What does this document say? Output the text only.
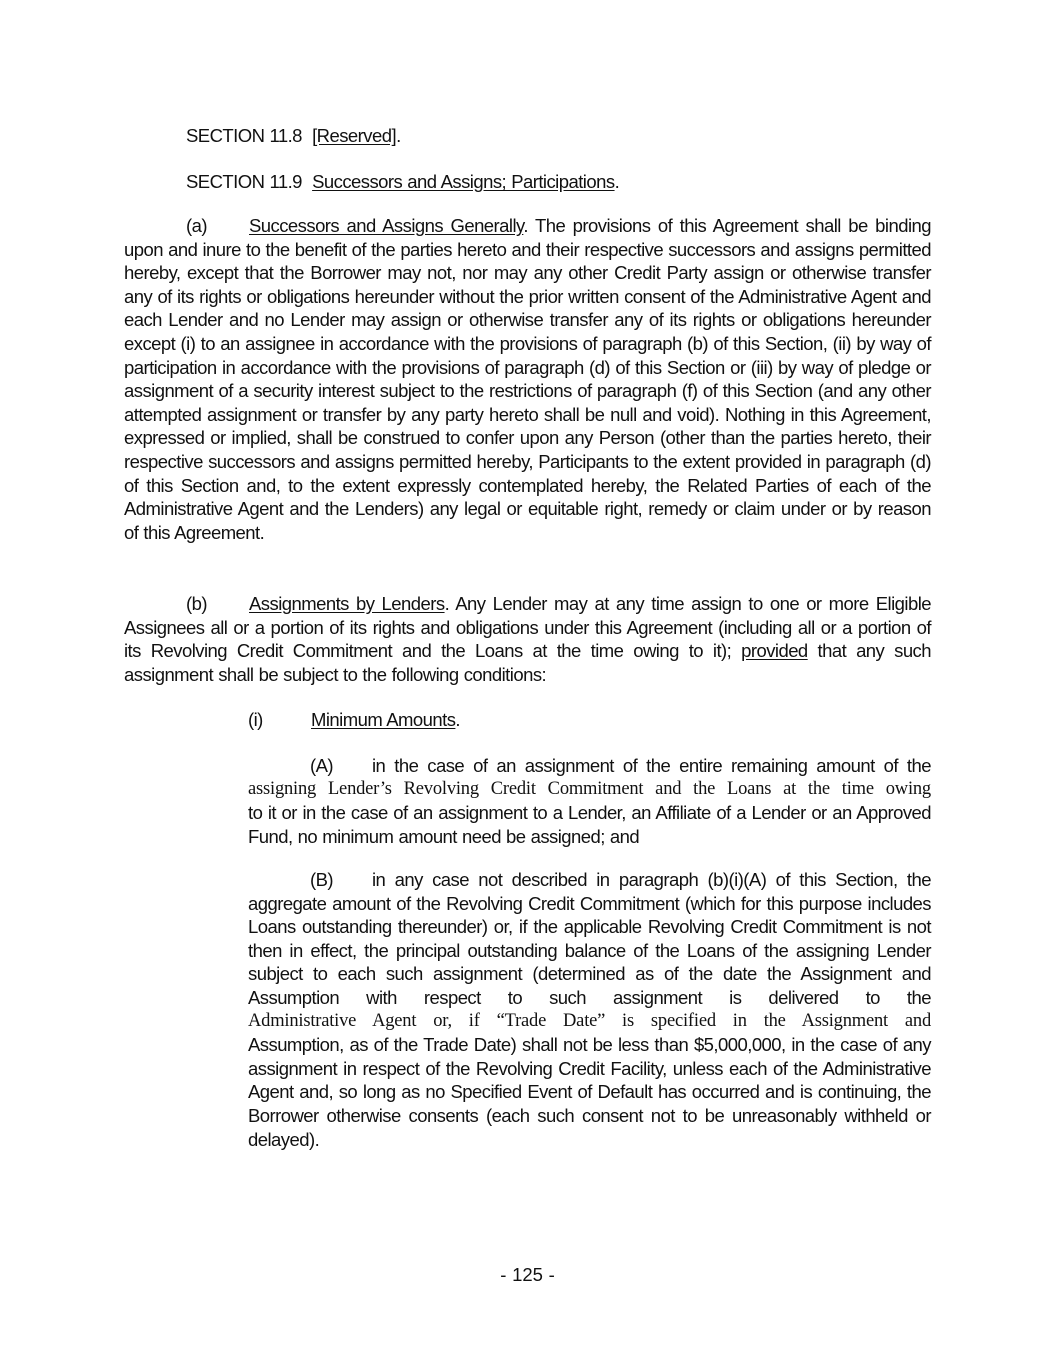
SECTION 11.8 [Reserved].

SECTION 11.9 Successors and Assigns; Participations.

(a) Successors and Assigns Generally. The provisions of this Agreement shall be binding upon and inure to the benefit of the parties hereto and their respective successors and assigns permitted hereby, except that the Borrower may not, nor may any other Credit Party assign or otherwise transfer any of its rights or obligations hereunder without the prior written consent of the Administrative Agent and each Lender and no Lender may assign or otherwise transfer any of its rights or obligations hereunder except (i) to an assignee in accordance with the provisions of paragraph (b) of this Section, (ii) by way of participation in accordance with the provisions of paragraph (d) of this Section or (iii) by way of pledge or assignment of a security interest subject to the restrictions of paragraph (f) of this Section (and any other attempted assignment or transfer by any party hereto shall be null and void). Nothing in this Agreement, expressed or implied, shall be construed to confer upon any Person (other than the parties hereto, their respective successors and assigns permitted hereby, Participants to the extent provided in paragraph (d) of this Section and, to the extent expressly contemplated hereby, the Related Parties of each of the Administrative Agent and the Lenders) any legal or equitable right, remedy or claim under or by reason of this Agreement.

(b) Assignments by Lenders. Any Lender may at any time assign to one or more Eligible Assignees all or a portion of its rights and obligations under this Agreement (including all or a portion of its Revolving Credit Commitment and the Loans at the time owing to it); provided that any such assignment shall be subject to the following conditions:

(i)	Minimum Amounts.

(A) in the case of an assignment of the entire remaining amount of the
assigning Lender’s Revolving Credit Commitment and the Loans at the time owing
to it or in the case of an assignment to a Lender, an Affiliate of a Lender or an Approved Fund, no minimum amount need be assigned; and
(B) in any case not described in paragraph (b)(i)(A) of this Section, the aggregate amount of the Revolving Credit Commitment (which for this purpose includes Loans outstanding thereunder) or, if the applicable Revolving Credit Commitment is not then in effect, the principal outstanding balance of the Loans of the assigning Lender subject to each such assignment (determined as of the date the Assignment and Assumption with respect to such assignment is delivered to the
Administrative Agent or, if “Trade Date” is specified in the Assignment and
Assumption, as of the Trade Date) shall not be less than $5,000,000, in the case of any assignment in respect of the Revolving Credit Facility, unless each of the Administrative Agent and, so long as no Specified Event of Default has occurred and is continuing, the Borrower otherwise consents (each such consent not to be unreasonably withheld or delayed).

- 125 -
